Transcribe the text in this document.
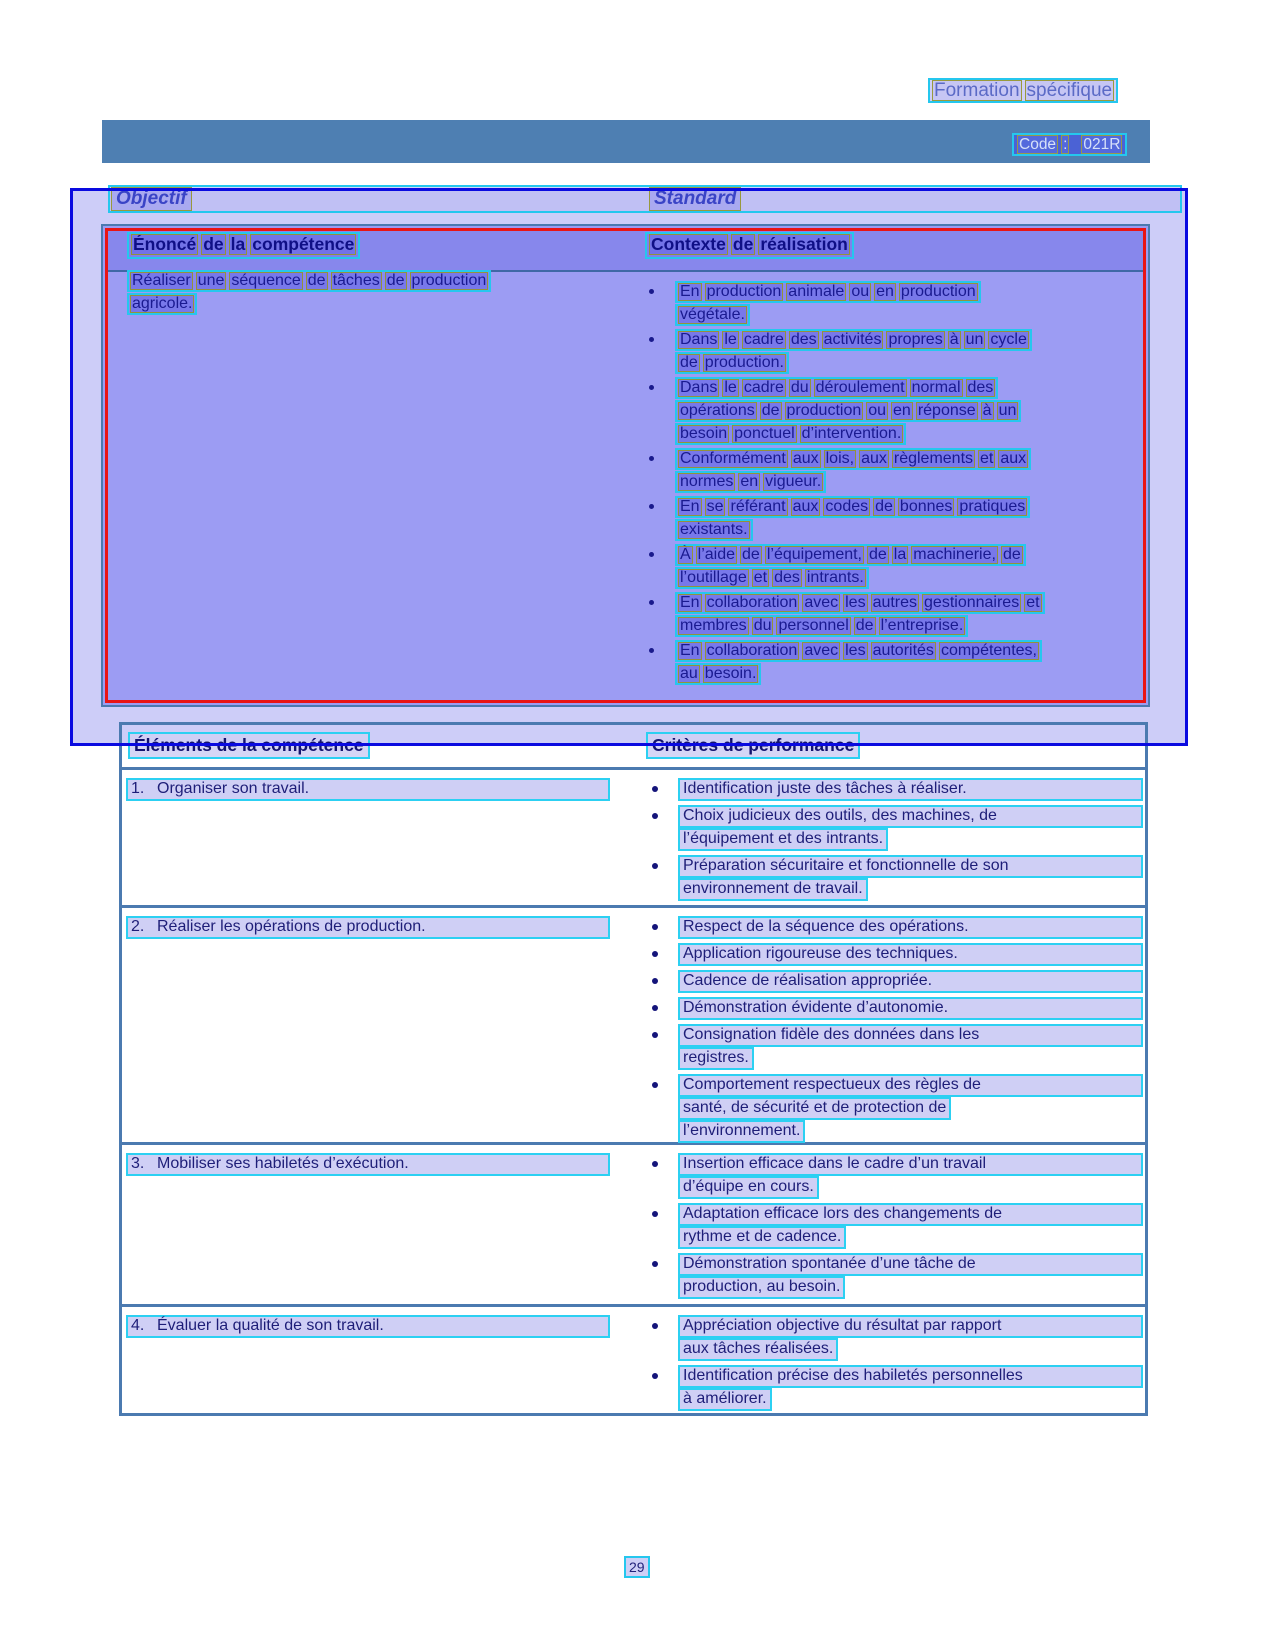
Formation spécifique
Code : 021R
Objectif	Standard
Énoncé de la compétence	Contexte de réalisation
Réaliser une séquence de tâches de production
agricole.
En production animale ou en production
végétale.
Dans le cadre des activités propres à un cycle
de production.
Dans le cadre du déroulement normal des
opérations de production ou en réponse à un
besoin ponctuel d’intervention.
Conformément aux lois, aux règlements et aux
normes en vigueur.
En se référant aux codes de bonnes pratiques
existants.
À l’aide de l’équipement, de la machinerie, de
l’outillage et des intrants.
En collaboration avec les autres gestionnaires et
membres du personnel de l’entreprise.
En collaboration avec les autorités compétentes,
au besoin.
Éléments de la compétence	Critères de performance
1. Organiser son travail.	Identification juste des tâches à réaliser.
Choix judicieux des outils, des machines, de
l’équipement et des intrants.
Préparation sécuritaire et fonctionnelle de son
environnement de travail.
2. Réaliser les opérations de production.	Respect de la séquence des opérations.
Application rigoureuse des techniques.
Cadence de réalisation appropriée.
Démonstration évidente d’autonomie.
Consignation fidèle des données dans les
registres.
Comportement respectueux des règles de
santé, de sécurité et de protection de
l’environnement.
3. Mobiliser ses habiletés d’exécution.	Insertion efficace dans le cadre d’un travail
d’équipe en cours.
Adaptation efficace lors des changements de
rythme et de cadence.
Démonstration spontanée d’une tâche de
production, au besoin.
4. Évaluer la qualité de son travail.	Appréciation objective du résultat par rapport
aux tâches réalisées.
Identification précise des habiletés personnelles
à améliorer.
29
